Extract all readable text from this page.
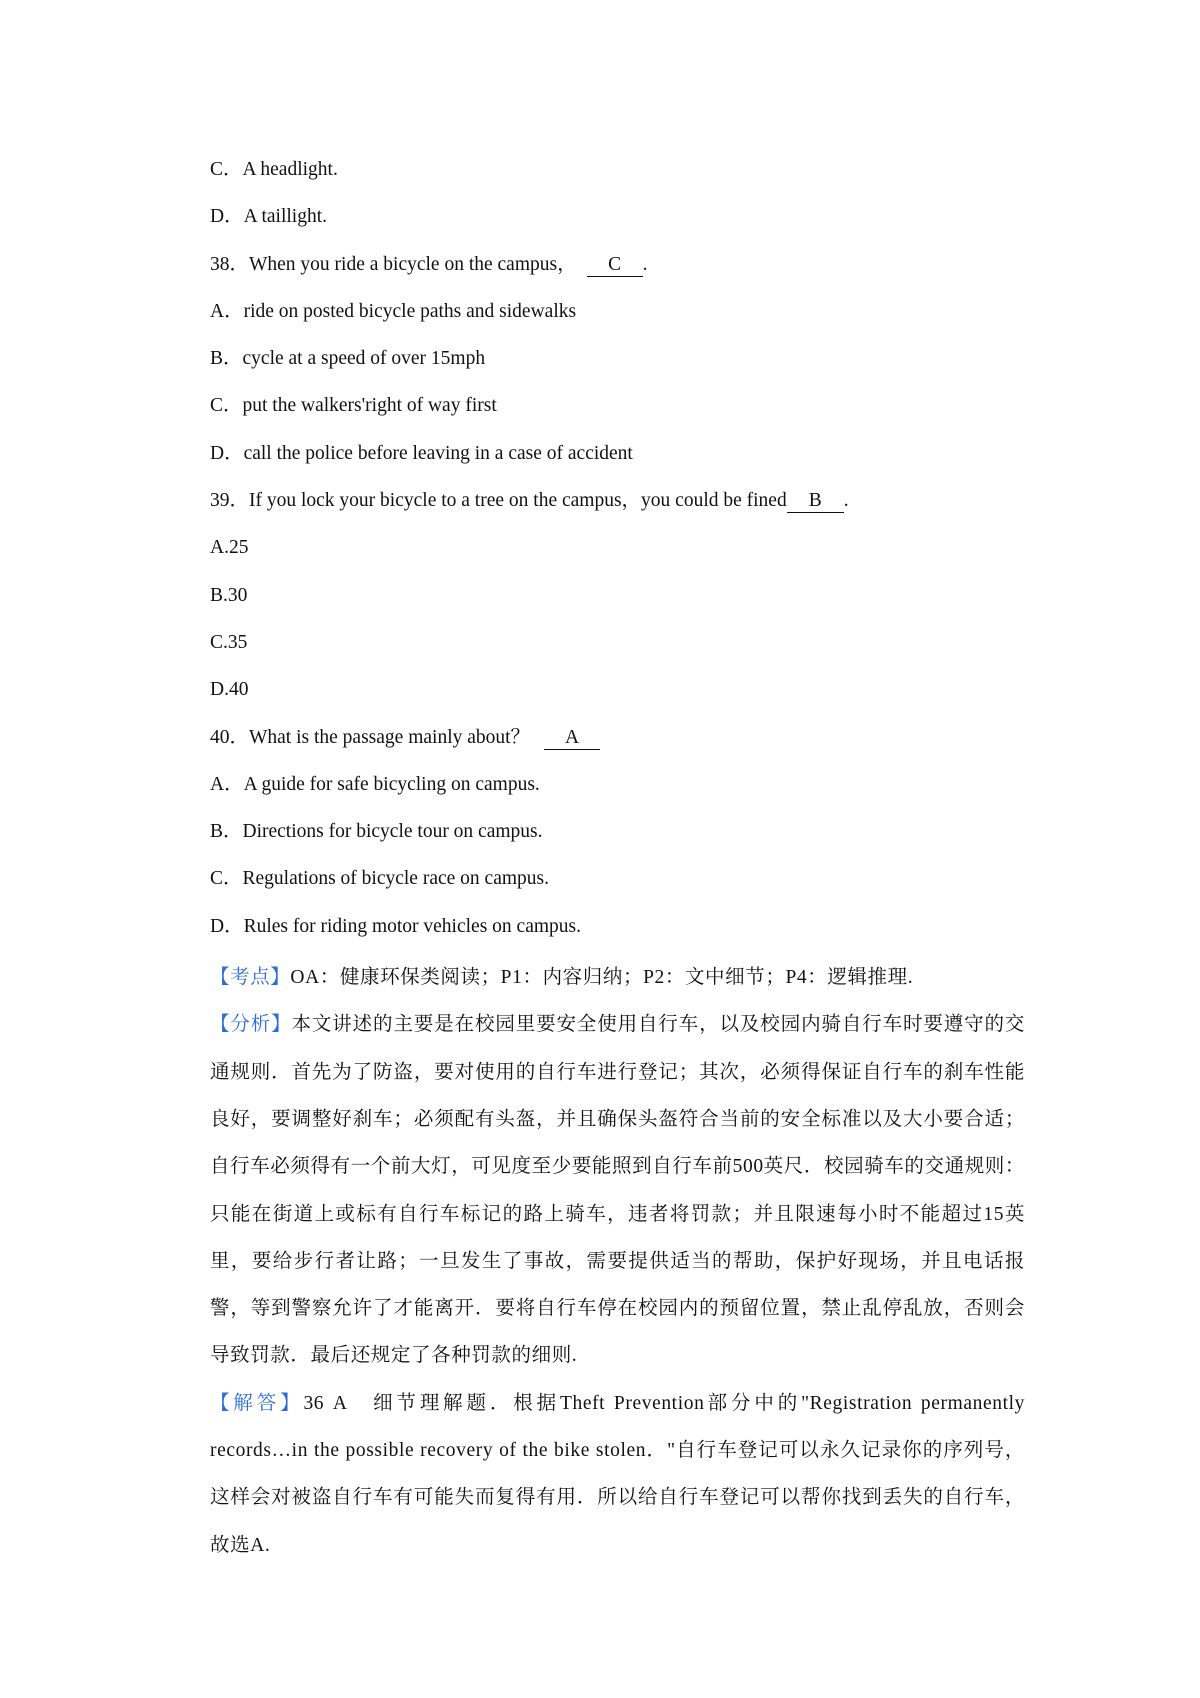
C．A headlight.
D．A taillight.
38．When you ride a bicycle on the campus， C .
A．ride on posted bicycle paths and sidewalks
B．cycle at a speed of over 15mph
C．put the walkers'right of way first
D．call the police before leaving in a case of accident
39．If you lock your bicycle to a tree on the campus，you could be fined B .
A.25
B.30
C.35
D.40
40．What is the passage mainly about？ A
A．A guide for safe bicycling on campus.
B．Directions for bicycle tour on campus.
C．Regulations of bicycle race on campus.
D．Rules for riding motor vehicles on campus.

【考点】OA：健康环保类阅读；P1：内容归纳；P2：文中细节；P4：逻辑推理.

【分析】本文讲述的主要是在校园里要安全使用自行车，以及校园内骑自行车时要遵守的交通规则．首先为了防盗，要对使用的自行车进行登记；其次，必须得保证自行车的刹车性能良好，要调整好刹车；必须配有头盔，并且确保头盔符合当前的安全标准以及大小要合适；自行车必须得有一个前大灯，可见度至少要能照到自行车前500英尺．校园骑车的交通规则：只能在街道上或标有自行车标记的路上骑车，违者将罚款；并且限速每小时不能超过15英里，要给步行者让路；一旦发生了事故，需要提供适当的帮助，保护好现场，并且电话报警，等到警察允许了才能离开．要将自行车停在校园内的预留位置，禁止乱停乱放，否则会导致罚款．最后还规定了各种罚款的细则.

【解答】36 A　细节理解题．根据Theft Prevention部分中的"Registration permanently records…in the possible recovery of the bike stolen．"自行车登记可以永久记录你的序列号，这样会对被盗自行车有可能失而复得有用．所以给自行车登记可以帮你找到丢失的自行车，故选A.
